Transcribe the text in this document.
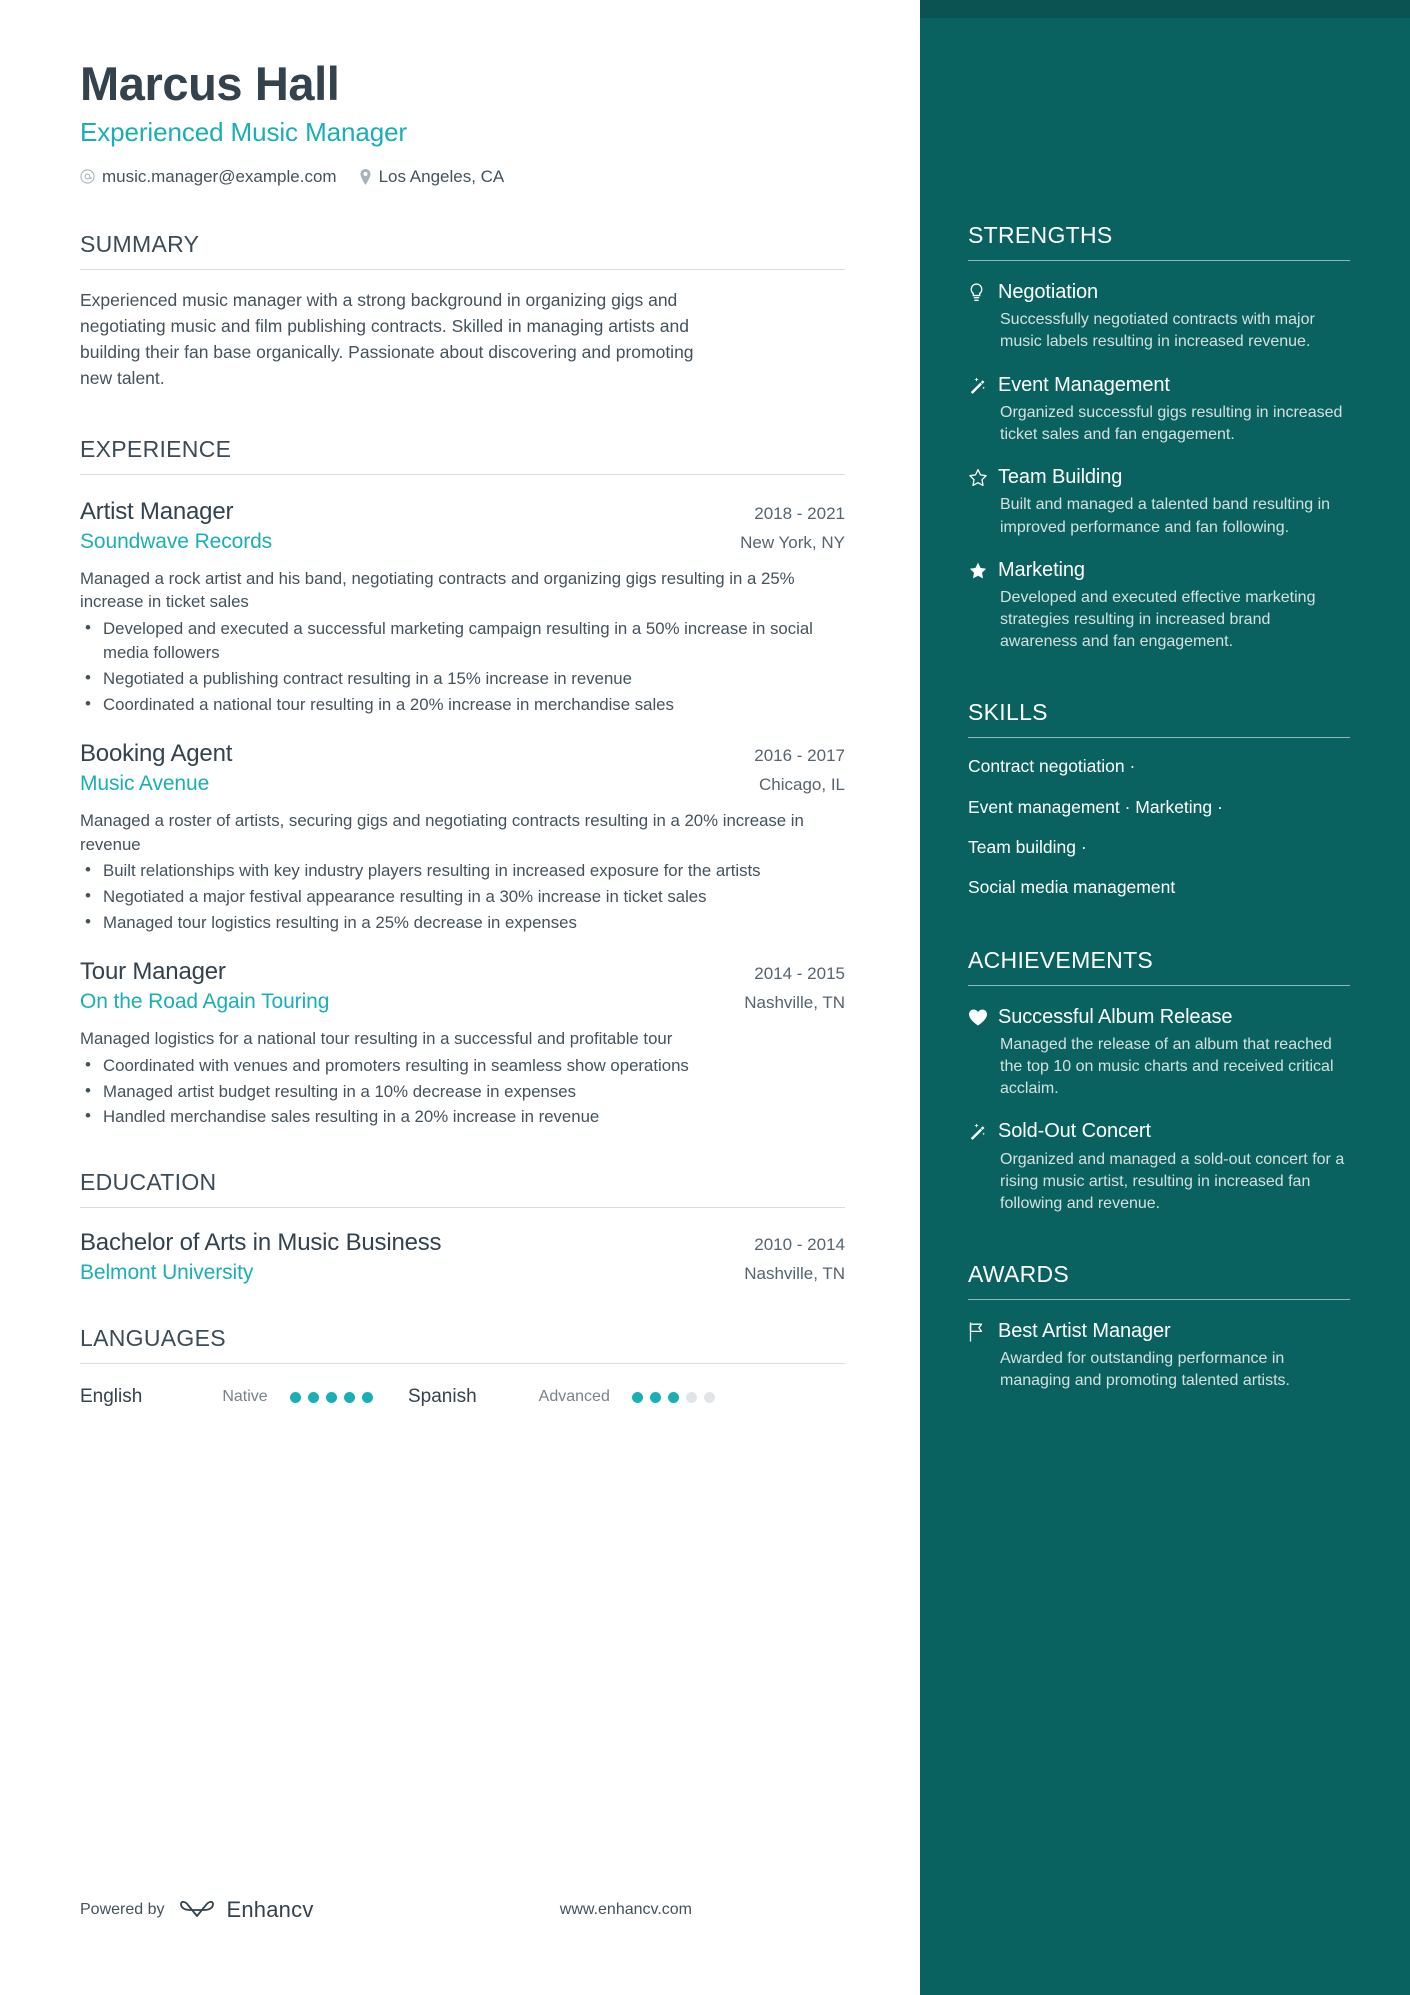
Marcus Hall
Experienced Music Manager
music.manager@example.com Los Angeles, CA
SUMMARY
Experienced music manager with a strong background in organizing gigs and negotiating music and film publishing contracts. Skilled in managing artists and building their fan base organically. Passionate about discovering and promoting new talent.
EXPERIENCE
Artist Manager	2018 - 2021
Soundwave Records	New York, NY
Managed a rock artist and his band, negotiating contracts and organizing gigs resulting in a 25% increase in ticket sales
• Developed and executed a successful marketing campaign resulting in a 50% increase in social media followers
• Negotiated a publishing contract resulting in a 15% increase in revenue
• Coordinated a national tour resulting in a 20% increase in merchandise sales
Booking Agent	2016 - 2017
Music Avenue	Chicago, IL
Managed a roster of artists, securing gigs and negotiating contracts resulting in a 20% increase in revenue
• Built relationships with key industry players resulting in increased exposure for the artists
• Negotiated a major festival appearance resulting in a 30% increase in ticket sales
• Managed tour logistics resulting in a 25% decrease in expenses
Tour Manager	2014 - 2015
On the Road Again Touring	Nashville, TN
Managed logistics for a national tour resulting in a successful and profitable tour
• Coordinated with venues and promoters resulting in seamless show operations
• Managed artist budget resulting in a 10% decrease in expenses
• Handled merchandise sales resulting in a 20% increase in revenue
EDUCATION
Bachelor of Arts in Music Business	2010 - 2014
Belmont University	Nashville, TN
LANGUAGES
English	Native	Spanish	Advanced
Powered by	Enhancv	www.enhancv.com
STRENGTHS
Negotiation
Successfully negotiated contracts with major music labels resulting in increased revenue.
Event Management
Organized successful gigs resulting in increased ticket sales and fan engagement.
Team Building
Built and managed a talented band resulting in improved performance and fan following.
Marketing
Developed and executed effective marketing strategies resulting in increased brand awareness and fan engagement.
SKILLS
Contract negotiation ·
Event management · Marketing ·
Team building ·
Social media management
ACHIEVEMENTS
Successful Album Release
Managed the release of an album that reached the top 10 on music charts and received critical acclaim.
Sold-Out Concert
Organized and managed a sold-out concert for a rising music artist, resulting in increased fan following and revenue.
AWARDS
Best Artist Manager
Awarded for outstanding performance in managing and promoting talented artists.
